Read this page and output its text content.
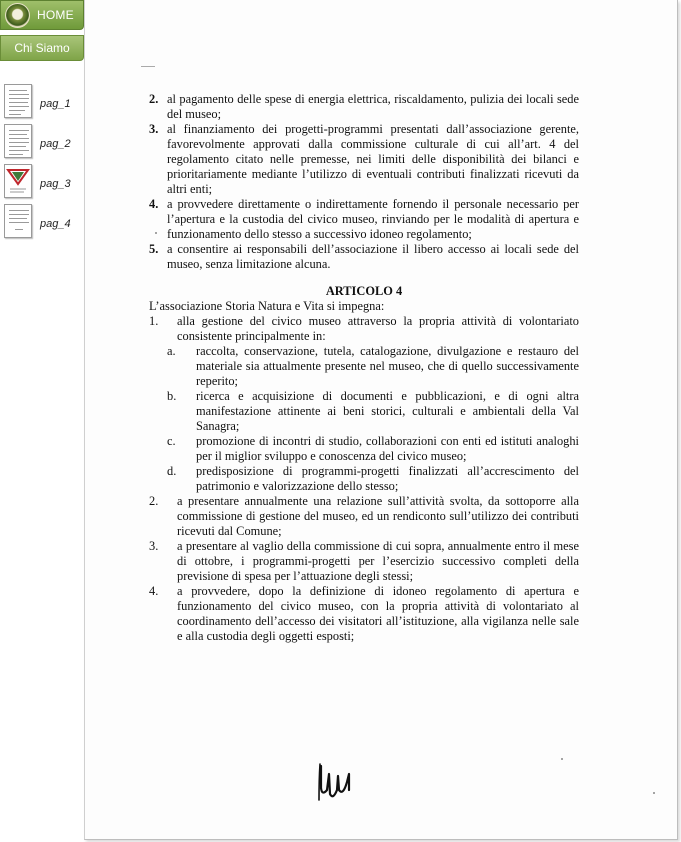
HOME
Chi Siamo
pag_1
pag_2
pag_3
pag_4
2. al pagamento delle spese di energia elettrica, riscaldamento, pulizia dei locali sede del museo;
3. al finanziamento dei progetti-programmi presentati dall’associazione gerente, favorevolmente approvati dalla commissione culturale di cui all’art. 4 del regolamento citato nelle premesse, nei limiti delle disponibilità dei bilanci e prioritariamente mediante l’utilizzo di eventuali contributi finalizzati ricevuti da altri enti;
4. a provvedere direttamente o indirettamente fornendo il personale necessario per l’apertura e la custodia del civico museo, rinviando per le modalità di apertura e funzionamento dello stesso a successivo idoneo regolamento;
5. a consentire ai responsabili dell’associazione il libero accesso ai locali sede del museo, senza limitazione alcuna.
ARTICOLO 4

L’associazione Storia Natura e Vita si impegna:

1. alla gestione del civico museo attraverso la propria attività di volontariato consistente principalmente in:
a. raccolta, conservazione, tutela, catalogazione, divulgazione e restauro del materiale sia attualmente presente nel museo, che di quello successivamente reperito;
b. ricerca e acquisizione di documenti e pubblicazioni, e di ogni altra manifestazione attinente ai beni storici, culturali e ambientali della Val Sanagra;
c. promozione di incontri di studio, collaborazioni con enti ed istituti analoghi per il miglior sviluppo e conoscenza del civico museo;
d. predisposizione di programmi-progetti finalizzati all’accrescimento del patrimonio e valorizzazione dello stesso;
2. a presentare annualmente una relazione sull’attività svolta, da sottoporre alla commissione di gestione del museo, ed un rendiconto sull’utilizzo dei contributi ricevuti dal Comune;
3. a presentare al vaglio della commissione di cui sopra, annualmente entro il mese di ottobre, i programmi-progetti per l’esercizio successivo completi della previsione di spesa per l’attuazione degli stessi;
4. a provvedere, dopo la definizione di idoneo regolamento di apertura e funzionamento del civico museo, con la propria attività di volontariato al coordinamento dell’accesso dei visitatori all’istituzione, alla vigilanza nelle sale e alla custodia degli oggetti esposti;
